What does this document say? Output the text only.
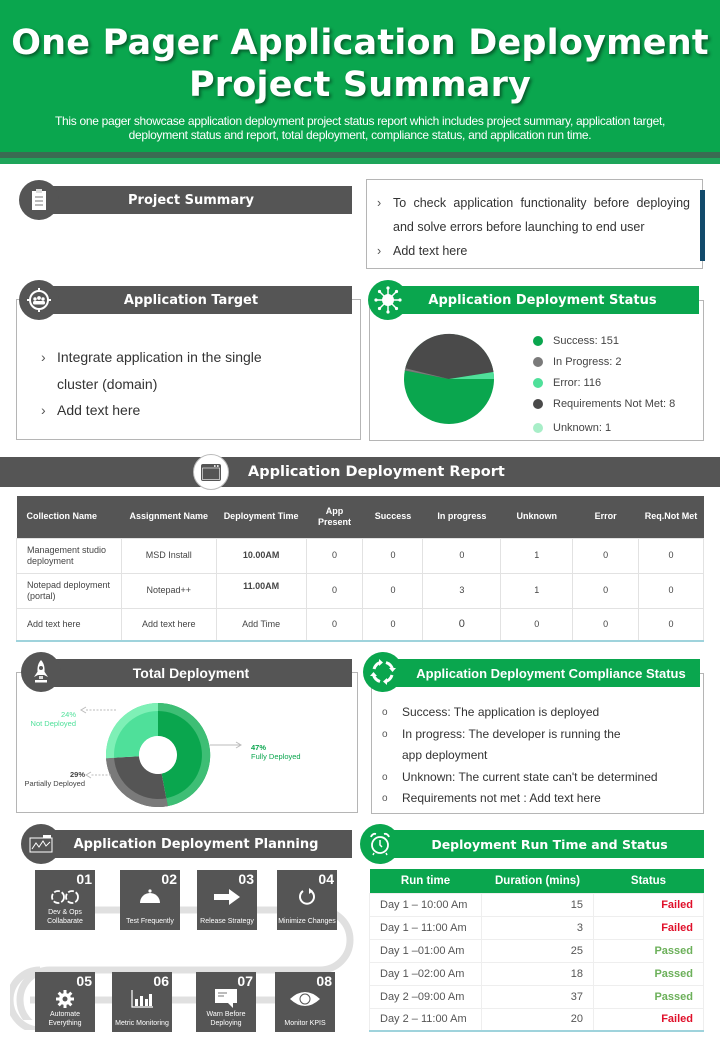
One Pager Application Deployment
Project Summary

This one pager showcase application deployment project status report which includes project summary, application target,
deployment status and report, total deployment, compliance status, and application run time.

Project Summary	› To check application functionality before deploying and solve errors before launching to end user
› Add text here
› Integrate application in the single cluster (domain)
› Add text here
Application Target	Application Deployment Status
Success: 151
In Progress: 2
Error: 116
Requirements Not Met: 8
Unknown: 1
Application Deployment Report
Collection Name	Assignment Name	Deployment Time	App Present	Success	In progress	Unknown	Error	Req.Not Met
Management studio deployment	MSD Install	10.00AM	0	0	0	1	0	0
Notepad deployment (portal)	Notepad++	11.00AM	0	0	3	1	0	0
Add text here	Add text here	Add Time	0	0	0	0	0	0
Total Deployment
24%
Not Deployed
29%
Partially Deployed
47%
Fully Deployed
Application Deployment Compliance Status
o Success: The application is deployed
o In progress: The developer is running the app deployment
o Unknown: The current state can't be determined
o Requirements not met : Add text here
Application Deployment Planning
01
Dev & Ops Collabarate
02
Test Frequently
03
Release Strategy
04
Minimize Changes
05
Automate Everything
06
Metric Monitoring
07
Warn Before Deploying
08
Monitor KPIS
Deployment Run Time and Status
Run time	Duration (mins)	Status
Day 1 – 10:00 Am	15	Failed
Day 1 – 11:00 Am	3	Failed
Day 1 –01:00 Am	25	Passed
Day 1 –02:00 Am	18	Passed
Day 2 –09:00 Am	37	Passed
Day 2 – 11:00 Am	20	Failed
